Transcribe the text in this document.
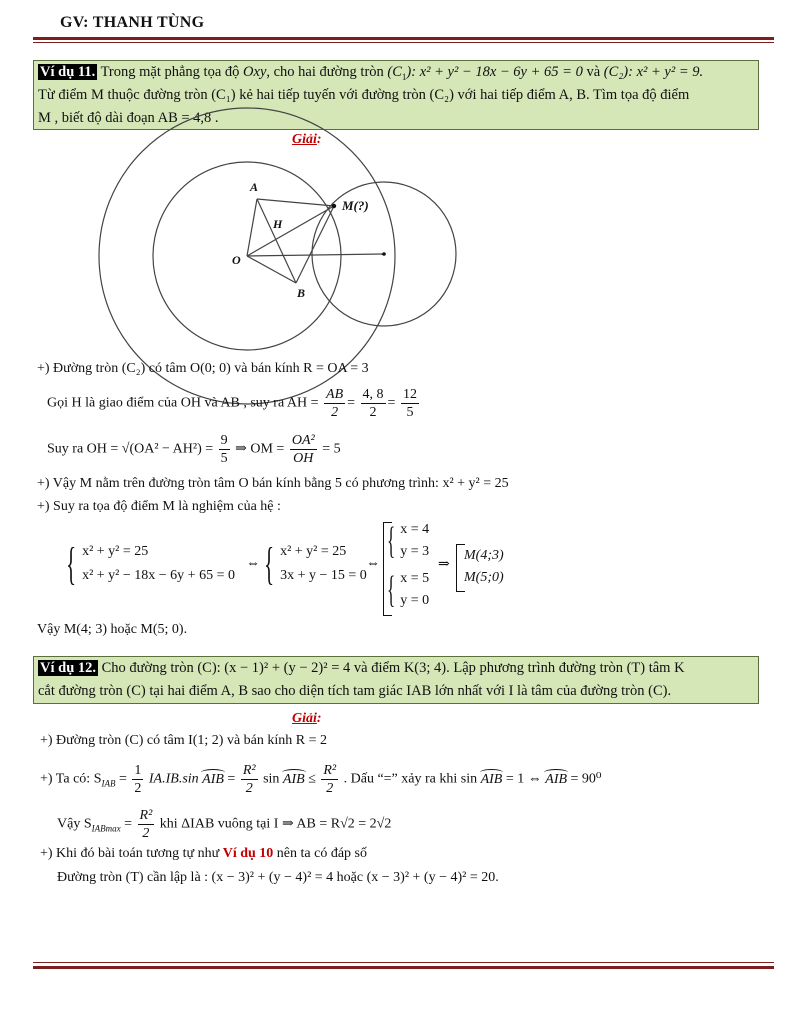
GV: THANH TÙNG
Ví dụ 11. Trong mặt phẳng tọa độ Oxy, cho hai đường tròn $(C_1)$: x² + y² − 18x − 6y + 65 = 0 và (C₂): x² + y² = 9.
Từ điểm M thuộc đường tròn (C₁) kẻ hai tiếp tuyến với đường tròn (C₂) với hai tiếp điểm A, B. Tìm tọa độ điểm
M , biết độ dài đoạn AB = 4,8 .
Giải:
A
H
O
B
M(?)
+) Đường tròn (C₂) có tâm O(0; 0) và bán kính R = OA = 3
Gọi H là giao điểm của OH và AB , suy ra AH = $\frac{AB}{2} = \frac{4, 8}{2} = \frac{12}{5}$
Suy ra OH = $√(OA^2 - AH^2) = \frac{9}{5}$ ⇒ OM = $\frac{\text{OA²}}{OH} = 5$
+) Vậy M nằm trên đường tròn tâm O bán kính bằng 5 có phương trình: x² + y² = 25
+) Suy ra tọa độ điểm M là nghiệm của hệ :
{ x² + y² = 25
x² + y² − 18x − 6y + 65 = 0
⇔ { x² + y² = 25
3x + y − 15 = 0
⇔
{ x = 4
y = 3
{ x = 5
y = 0
⇒
M(4;3)
M(5;0)
Vậy M(4; 3) hoặc M(5; 0).
Ví dụ 12. Cho đường tròn (C): (x − 1)² + (y − 2)² = 4 và điểm K(3; 4). Lập phương trình đường tròn (T) tâm K
cắt đường tròn (C) tại hai điểm A, B sao cho diện tích tam giác IAB lớn nhất với I là tâm của đường tròn (C).
Giải:
+) Đường tròn (C) có tâm I(1; 2) và bán kính R = 2
+) Ta có: $S_{IAB} = \frac{1}{2} IA.IB.\sin$ AIB = $\frac{\text{R²}}{2}$ sin AIB ≤ $\frac{\text{R²}}{2}$ . Dấu “=” xảy ra khi sin AIB = 1 ⇔ AIB = 90⁰
Vậy $S_{IABmax} = \frac{\text{R²}}{2}$ khi ΔIAB vuông tại I ⇒ AB = R√2 = 2√2
+) Khi đó bài toán tương tự như Ví dụ 10 nên ta có đáp số
Đường tròn (T) cần lập là : (x − 3)² + (y − 4)² = 4 hoặc (x − 3)² + (y − 4)² = 20.
